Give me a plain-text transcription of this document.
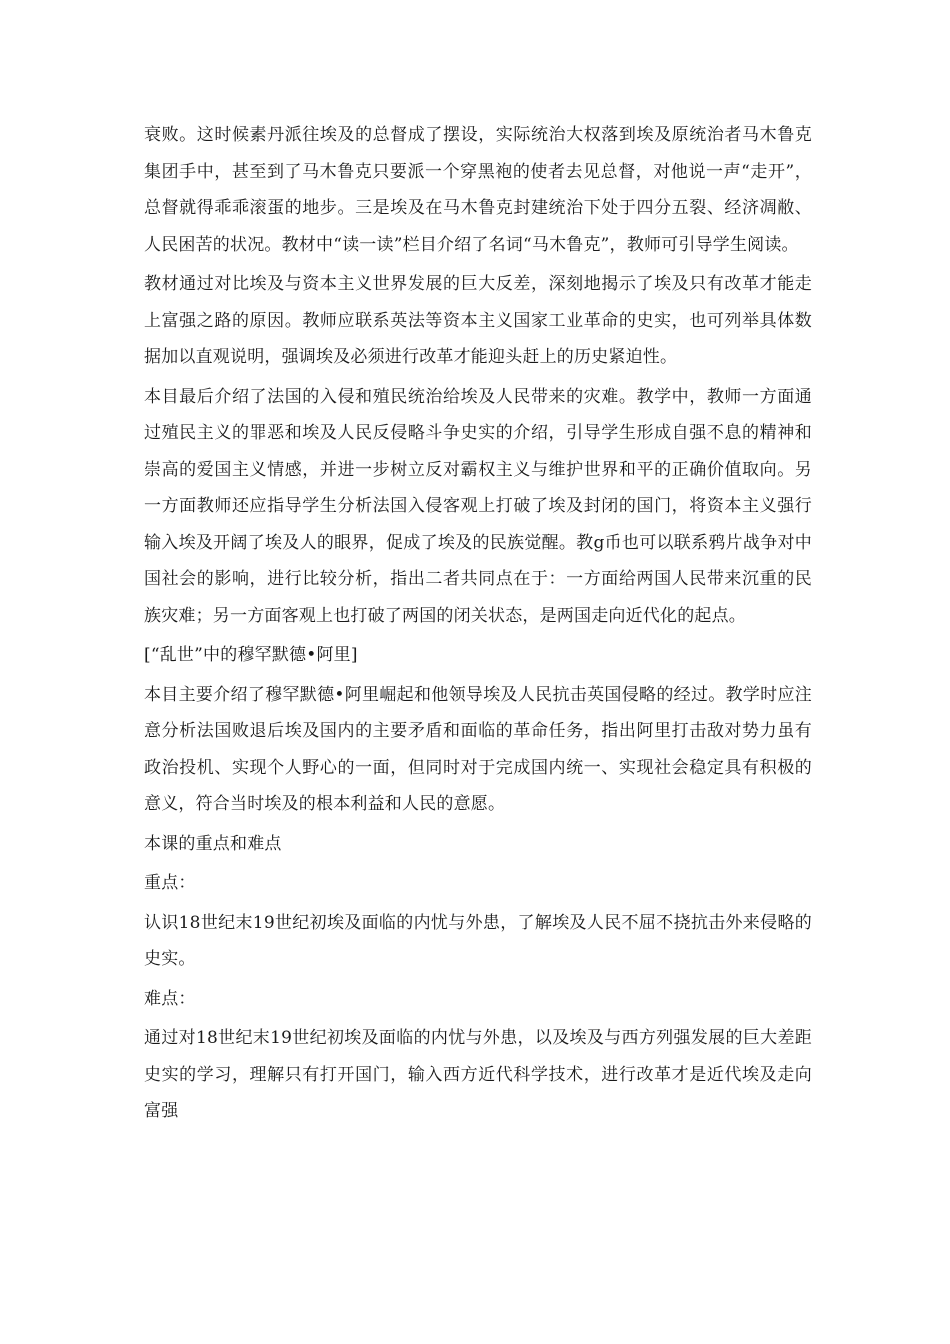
衰败。这时候素丹派往埃及的总督成了摆设，实际统治大权落到埃及原统治者马木鲁克集团手中，甚至到了马木鲁克只要派一个穿黑袍的使者去见总督，对他说一声“走开”，总督就得乖乖滚蛋的地步。三是埃及在马木鲁克封建统治下处于四分五裂、经济凋敝、人民困苦的状况。教材中“读一读”栏目介绍了名词“马木鲁克”，教师可引导学生阅读。

教材通过对比埃及与资本主义世界发展的巨大反差，深刻地揭示了埃及只有改革才能走上富强之路的原因。教师应联系英法等资本主义国家工业革命的史实，也可列举具体数据加以直观说明，强调埃及必须进行改革才能迎头赶上的历史紧迫性。

本目最后介绍了法国的入侵和殖民统治给埃及人民带来的灾难。教学中，教师一方面通过殖民主义的罪恶和埃及人民反侵略斗争史实的介绍，引导学生形成自强不息的精神和崇高的爱国主义情感，并进一步树立反对霸权主义与维护世界和平的正确价值取向。另一方面教师还应指导学生分析法国入侵客观上打破了埃及封闭的国门，将资本主义强行输入埃及开阔了埃及人的眼界，促成了埃及的民族觉醒。教g币也可以联系鸦片战争对中国社会的影响，进行比较分析，指出二者共同点在于：一方面给两国人民带来沉重的民族灾难；另一方面客观上也打破了两国的闭关状态，是两国走向近代化的起点。

[“乱世”中的穆罕默德•阿里]

本目主要介绍了穆罕默德•阿里崛起和他领导埃及人民抗击英国侵略的经过。教学时应注意分析法国败退后埃及国内的主要矛盾和面临的革命任务，指出阿里打击敌对势力虽有政治投机、实现个人野心的一面，但同时对于完成国内统一、实现社会稳定具有积极的意义，符合当时埃及的根本利益和人民的意愿。

本课的重点和难点

重点：

认识18世纪末19世纪初埃及面临的内忧与外患，了解埃及人民不屈不挠抗击外来侵略的史实。

难点：

通过对18世纪末19世纪初埃及面临的内忧与外患，以及埃及与西方列强发展的巨大差距史实的学习，理解只有打开国门，输入西方近代科学技术，进行改革才是近代埃及走向富强
